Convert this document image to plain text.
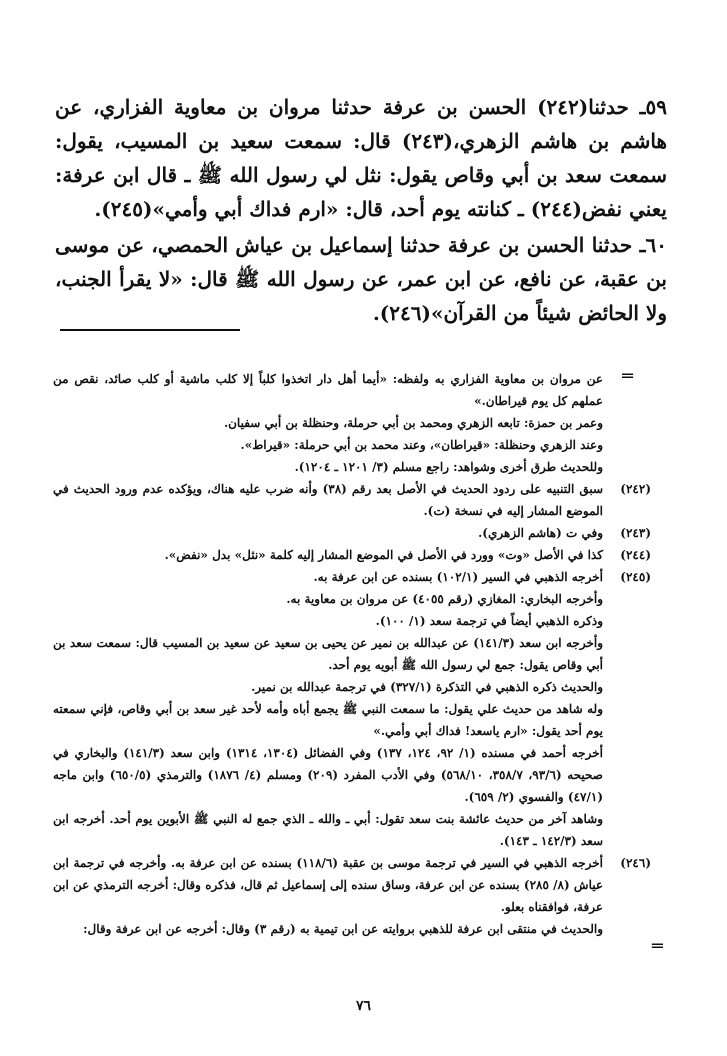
٥٩ـ حدثنا(٢٤٢) الحسن بن عرفة حدثنا مروان بن معاوية الفزاري، عن هاشم بن هاشم الزهري،(٢٤٣) قال: سمعت سعيد بن المسيب، يقول: سمعت سعد بن أبي وقاص يقول: نثل لي رسول الله ﷺ ـ قال ابن عرفة: يعني نفض(٢٤٤) ـ كنانته يوم أحد، قال: «ارم فداك أبي وأمي»(٢٤٥).

٦٠ـ حدثنا الحسن بن عرفة حدثنا إسماعيل بن عياش الحمصي، عن موسى بن عقبة، عن نافع، عن ابن عمر، عن رسول الله ﷺ قال: «لا يقرأ الجنب، ولا الحائض شيئاً من القرآن»(٢٤٦).

═

عن مروان بن معاوية الفزاري به ولفظه: «أيما أهل دار اتخذوا كلباً إلا كلب ماشية أو كلب صائد، نقص من عملهم كل يوم قيراطان.»

وعمر بن حمزة: تابعه الزهري ومحمد بن أبي حرملة، وحنظلة بن أبي سفيان.

وعند الزهري وحنظلة: «قيراطان»، وعند محمد بن أبي حرملة: «قيراط».

وللحديث طرق أخرى وشواهد: راجع مسلم (٣/ ١٢٠١ ـ ١٢٠٤).

(٢٤٢)
سبق التنبيه على ردود الحديث في الأصل بعد رقم (٣٨) وأنه ضرب عليه هناك، ويؤكده عدم ورود الحديث في الموضع المشار إليه في نسخة (ت).

(٢٤٣)
وفي ت (هاشم الزهري).

(٢٤٤)
كذا في الأصل «وت» وورد في الأصل في الموضع المشار إليه كلمة «نثل» بدل «نفض».

(٢٤٥)
أخرجه الذهبي في السير (١٠٢/١) بسنده عن ابن عرفة به.

وأخرجه البخاري: المغازي (رقم ٤٠٥٥) عن مروان بن معاوية به.

وذكره الذهبي أيضاً في ترجمة سعد (١/ ١٠٠).

وأخرجه ابن سعد (١٤١/٣) عن عبدالله بن نمير عن يحيى بن سعيد عن سعيد بن المسيب قال: سمعت سعد بن أبي وقاص يقول: جمع لي رسول الله ﷺ أبويه يوم أحد.

والحديث ذكره الذهبي في التذكرة (٣٢٧/١) في ترجمة عبدالله بن نمير.

وله شاهد من حديث علي يقول: ما سمعت النبي ﷺ يجمع أباه وأمه لأحد غير سعد بن أبي وقاص، فإني سمعته يوم أحد يقول: «ارم ياسعد! فداك أبي وأمي.»

أخرجه أحمد في مسنده (١/ ٩٢، ١٢٤، ١٣٧) وفي الفضائل (١٣٠٤، ١٣١٤) وابن سعد (١٤١/٣) والبخاري في صحيحه (٩٣/٦، ٣٥٨/٧، ٥٦٨/١٠) وفي الأدب المفرد (٢٠٩) ومسلم (٤/ ١٨٧٦) والترمذي (٦٥٠/٥) وابن ماجه (٤٧/١) والفسوي (٢/ ٦٥٩).

وشاهد آخر من حديث عائشة بنت سعد تقول: أبي ـ والله ـ الذي جمع له النبي ﷺ الأبوين يوم أحد. أخرجه ابن سعد (١٤٢/٣ ـ ١٤٣).

(٢٤٦)
أخرجه الذهبي في السير في ترجمة موسى بن عقبة (١١٨/٦) بسنده عن ابن عرفة به. وأخرجه في ترجمة ابن عياش (٨/ ٢٨٥) بسنده عن ابن عرفة، وساق سنده إلى إسماعيل ثم قال، فذكره وقال: أخرجه الترمذي عن ابن عرفة، فوافقناه بعلو.

والحديث في منتقى ابن عرفة للذهبي بروايته عن ابن تيمية به (رقم ٣) وقال: أخرجه عن ابن عرفة وقال:

═
٧٦
